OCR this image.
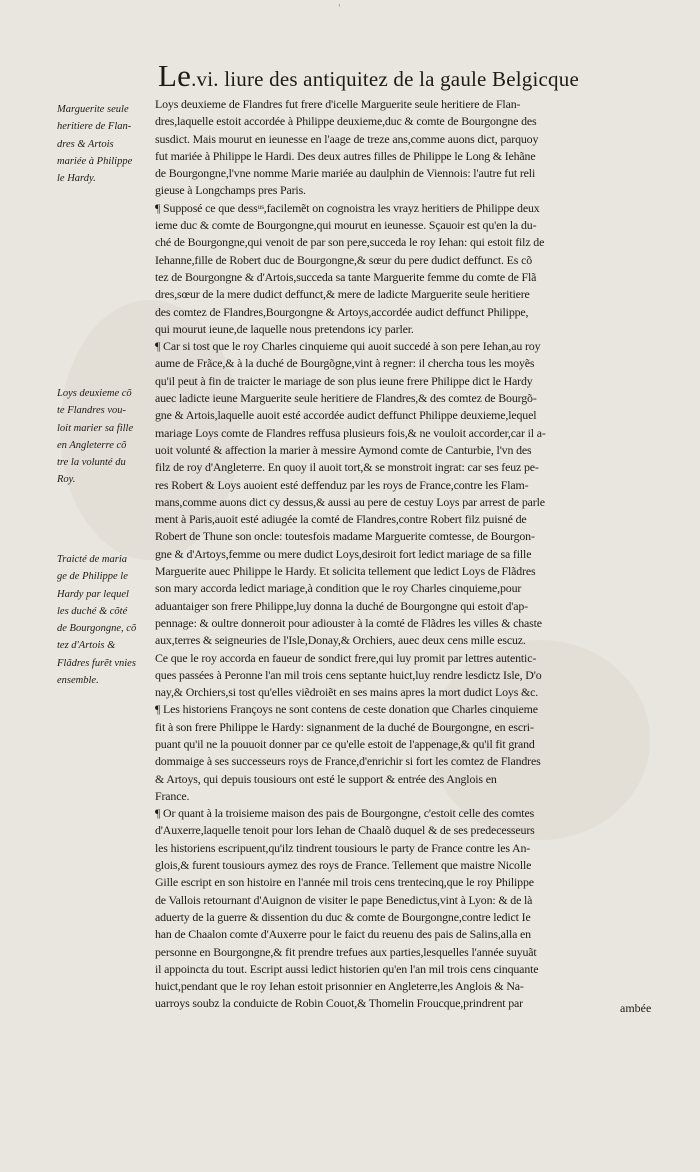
'
Le.vi. liure des antiquitez de la gaule Belgicque
Marguerite seule
heritiere de Flan-
dres & Artois
mariée à Philippe
le Hardy.
Loys deuxieme cõ
te Flandres vou-
loit marier sa fille
en Angleterre cõ
tre la volunté du
Roy.
Traicté de maria
ge de Philippe le
Hardy par lequel
les duché & cõté
de Bourgongne, cõ
tez d'Artois &
Flãdres furẽt vnies
ensemble.
Loys deuxieme de Flandres fut frere d'icelle Marguerite seule heritiere de Flan-
dres,laquelle estoit accordée à Philippe deuxieme,duc & comte de Bourgongne des
susdict. Mais mourut en ieunesse en l'aage de treze ans,comme auons dict, parquoy
fut mariée à Philippe le Hardi. Des deux autres filles de Philippe le Long & Iehãne
de Bourgongne,l'vne nomme Marie mariée au daulphin de Viennois: l'autre fut reli
gieuse à Longchamps pres Paris.
¶ Supposé ce que dessᵘˢ,facilemẽt on cognoistra les vrayz heritiers de Philippe deux
ieme duc & comte de Bourgongne,qui mourut en ieunesse. Sçauoir est qu'en la du-
ché de Bourgongne,qui venoit de par son pere,succeda le roy Iehan: qui estoit filz de
Iehanne,fille de Robert duc de Bourgongne,& sœur du pere dudict deffunct. Es cõ
tez de Bourgongne & d'Artois,succeda sa tante Marguerite femme du comte de Flã
dres,sœur de la mere dudict deffunct,& mere de ladicte Marguerite seule heritiere
des comtez de Flandres,Bourgongne & Artoys,accordée audict deffunct Philippe,
qui mourut ieune,de laquelle nous pretendons icy parler.
¶ Car si tost que le roy Charles cinquieme qui auoit succedé à son pere Iehan,au roy
aume de Frãce,& à la duché de Bourgõgne,vint à regner: il chercha tous les moyẽs
qu'il peut à fin de traicter le mariage de son plus ieune frere Philippe dict le Hardy
auec ladicte ieune Marguerite seule heritiere de Flandres,& des comtez de Bourgõ-
gne & Artois,laquelle auoit esté accordée audict deffunct Philippe deuxieme,lequel
mariage Loys comte de Flandres reffusa plusieurs fois,& ne vouloit accorder,car il a-
uoit volunté & affection la marier à messire Aymond comte de Canturbie, l'vn des
filz de roy d'Angleterre. En quoy il auoit tort,& se monstroit ingrat: car ses feuz pe-
res Robert & Loys auoient esté deffenduz par les roys de France,contre les Flam-
mans,comme auons dict cy dessus,& aussi au pere de cestuy Loys par arrest de parle
ment à Paris,auoit esté adiugée la comté de Flandres,contre Robert filz puisné de
Robert de Thune son oncle: toutesfois madame Marguerite comtesse, de Bourgon-
gne & d'Artoys,femme ou mere dudict Loys,desiroit fort ledict mariage de sa fille
Marguerite auec Philippe le Hardy. Et solicita tellement que ledict Loys de Flãdres
son mary accorda ledict mariage,à condition que le roy Charles cinquieme,pour
aduantaiger son frere Philippe,luy donna la duché de Bourgongne qui estoit d'ap-
pennage: & oultre donneroit pour adiouster à la comté de Flãdres les villes & chaste
aux,terres & seigneuries de l'Isle,Donay,& Orchiers, auec deux cens mille escuz.
Ce que le roy accorda en faueur de sondict frere,qui luy promit par lettres autentic-
ques passées à Peronne l'an mil trois cens septante huict,luy rendre lesdictz Isle, D'o
nay,& Orchiers,si tost qu'elles viẽdroiẽt en ses mains apres la mort dudict Loys &c.
¶ Les historiens Françoys ne sont contens de ceste donation que Charles cinquieme
fit à son frere Philippe le Hardy: signanment de la duché de Bourgongne, en escri-
puant qu'il ne la pouuoit donner par ce qu'elle estoit de l'appenage,& qu'il fit grand
dommaige à ses successeurs roys de France,d'enrichir si fort les comtez de Flandres
& Artoys, qui depuis tousiours ont esté le support & entrée des Anglois en
France.
¶ Or quant à la troisieme maison des pais de Bourgongne, c'estoit celle des comtes
d'Auxerre,laquelle tenoit pour lors Iehan de Chaalõ duquel & de ses predecesseurs
les historiens escripuent,qu'ilz tindrent tousiours le party de France contre les An-
glois,& furent tousiours aymez des roys de France. Tellement que maistre Nicolle
Gille escript en son histoire en l'année mil trois cens trentecinq,que le roy Philippe
de Vallois retournant d'Auignon de visiter le pape Benedictus,vint à Lyon: & de là
aduerty de la guerre & dissention du duc & comte de Bourgongne,contre ledict Ie
han de Chaalon comte d'Auxerre pour le faict du reuenu des pais de Salins,alla en
personne en Bourgongne,& fit prendre trefues aux parties,lesquelles l'année suyuãt
il appoincta du tout. Escript aussi ledict historien qu'en l'an mil trois cens cinquante
huict,pendant que le roy Iehan estoit prisonnier en Angleterre,les Anglois & Na-
uarroys soubz la conduicte de Robin Couot,& Thomelin Froucque,prindrent par	ambée
